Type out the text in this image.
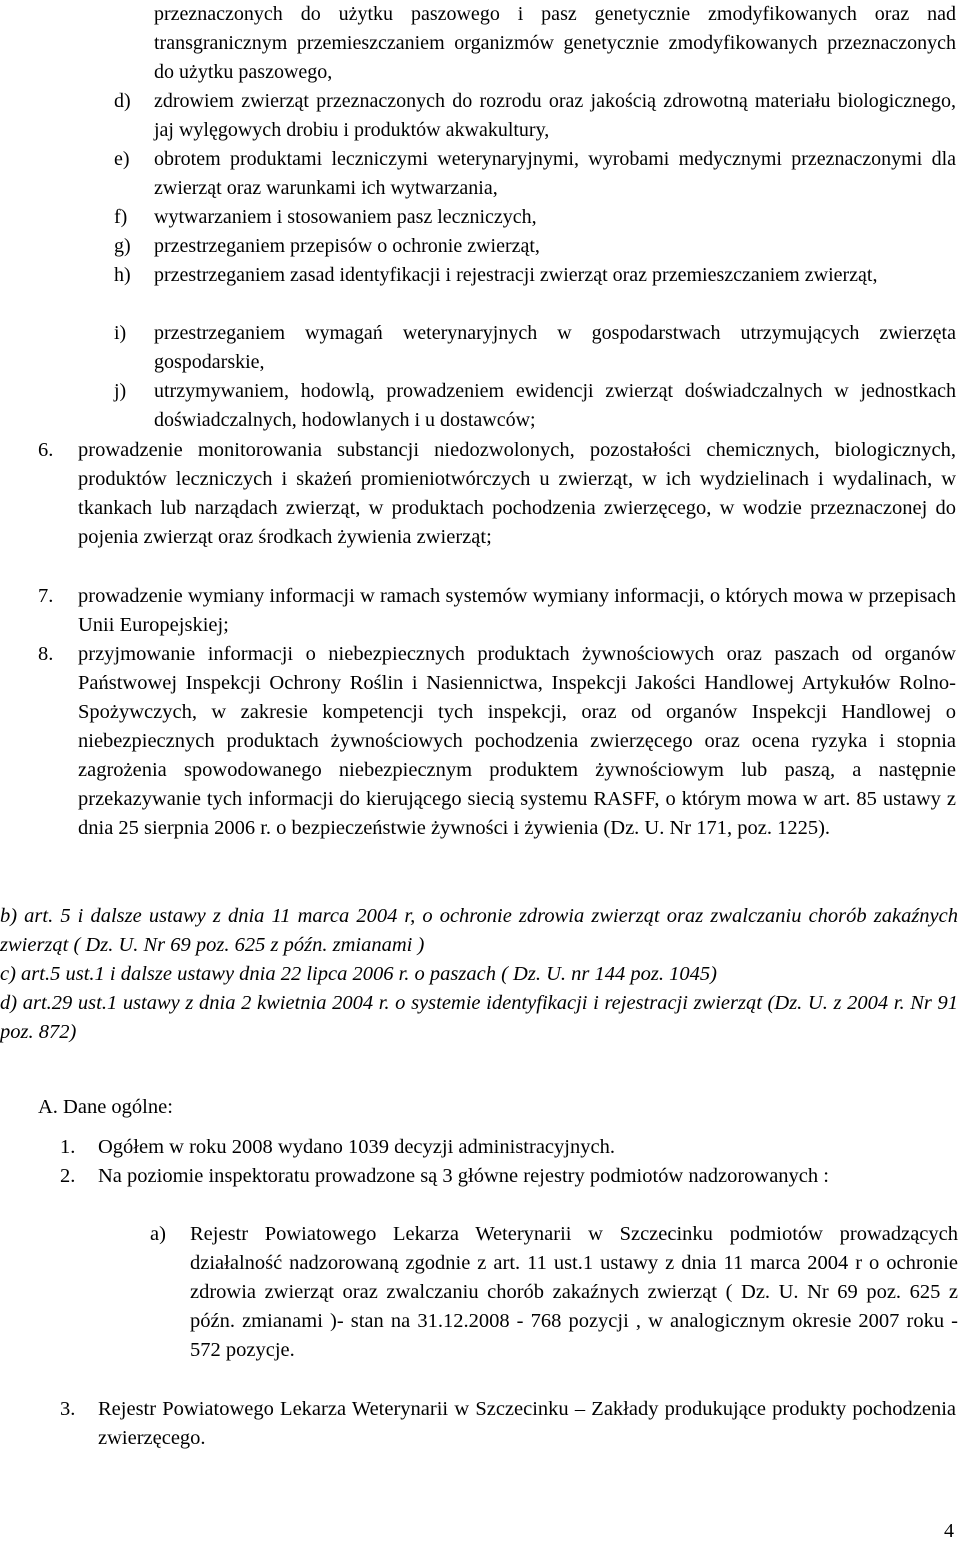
przeznaczonych do użytku paszowego i pasz genetycznie zmodyfikowanych oraz nad transgranicznym przemieszczaniem organizmów genetycznie zmodyfikowanych przeznaczonych do użytku paszowego,
d)	zdrowiem zwierząt przeznaczonych do rozrodu oraz jakością zdrowotną materiału biologicznego, jaj wylęgowych drobiu i produktów akwakultury,
e)	obrotem produktami leczniczymi weterynaryjnymi, wyrobami medycznymi przeznaczonymi dla zwierząt oraz warunkami ich wytwarzania,
f)	wytwarzaniem i stosowaniem pasz leczniczych,
g)	przestrzeganiem przepisów o ochronie zwierząt,
h)	przestrzeganiem zasad identyfikacji i rejestracji zwierząt oraz przemieszczaniem zwierząt,
i)	przestrzeganiem wymagań weterynaryjnych w gospodarstwach utrzymujących zwierzęta gospodarskie,
j)	utrzymywaniem, hodowlą, prowadzeniem ewidencji zwierząt doświadczalnych w jednostkach doświadczalnych, hodowlanych i u dostawców;
6.	prowadzenie monitorowania substancji niedozwolonych, pozostałości chemicznych, biologicznych, produktów leczniczych i skażeń promieniotwórczych u zwierząt, w ich wydzielinach i wydalinach, w tkankach lub narządach zwierząt, w produktach pochodzenia zwierzęcego, w wodzie przeznaczonej do pojenia zwierząt oraz środkach żywienia zwierząt;
7.	prowadzenie wymiany informacji w ramach systemów wymiany informacji, o których mowa w przepisach Unii Europejskiej;
8.	przyjmowanie informacji o niebezpiecznych produktach żywnościowych oraz paszach od organów Państwowej Inspekcji Ochrony Roślin i Nasiennictwa, Inspekcji Jakości Handlowej Artykułów Rolno-Spożywczych, w zakresie kompetencji tych inspekcji, oraz od organów Inspekcji Handlowej o niebezpiecznych produktach żywnościowych pochodzenia zwierzęcego oraz ocena ryzyka i stopnia zagrożenia spowodowanego niebezpiecznym produktem żywnościowym lub paszą, a następnie przekazywanie tych informacji do kierującego siecią systemu RASFF, o którym mowa w art. 85 ustawy z dnia 25 sierpnia 2006 r. o bezpieczeństwie żywności i żywienia (Dz. U. Nr 171, poz. 1225).
b) art. 5 i dalsze ustawy z dnia 11 marca 2004 r, o ochronie zdrowia zwierząt oraz zwalczaniu chorób zakaźnych zwierząt ( Dz. U. Nr 69 poz. 625 z późn. zmianami )
c) art.5 ust.1 i dalsze ustawy dnia 22 lipca 2006 r. o paszach ( Dz. U. nr 144 poz. 1045)
d) art.29 ust.1 ustawy z dnia 2 kwietnia 2004 r. o systemie identyfikacji i rejestracji zwierząt (Dz. U. z 2004 r. Nr 91 poz. 872)
A. Dane ogólne:
1.	Ogółem w roku 2008 wydano 1039 decyzji administracyjnych.
2.	Na poziomie inspektoratu prowadzone są 3 główne rejestry podmiotów nadzorowanych :
a)	Rejestr Powiatowego Lekarza Weterynarii w Szczecinku podmiotów prowadzących działalność nadzorowaną zgodnie z art. 11 ust.1 ustawy z dnia 11 marca 2004 r o ochronie zdrowia zwierząt oraz zwalczaniu chorób zakaźnych zwierząt ( Dz. U. Nr 69 poz. 625 z późn. zmianami )- stan na 31.12.2008 - 768 pozycji , w analogicznym okresie 2007 roku - 572 pozycje.
3.	Rejestr Powiatowego Lekarza Weterynarii w Szczecinku – Zakłady produkujące produkty pochodzenia zwierzęcego.
4
